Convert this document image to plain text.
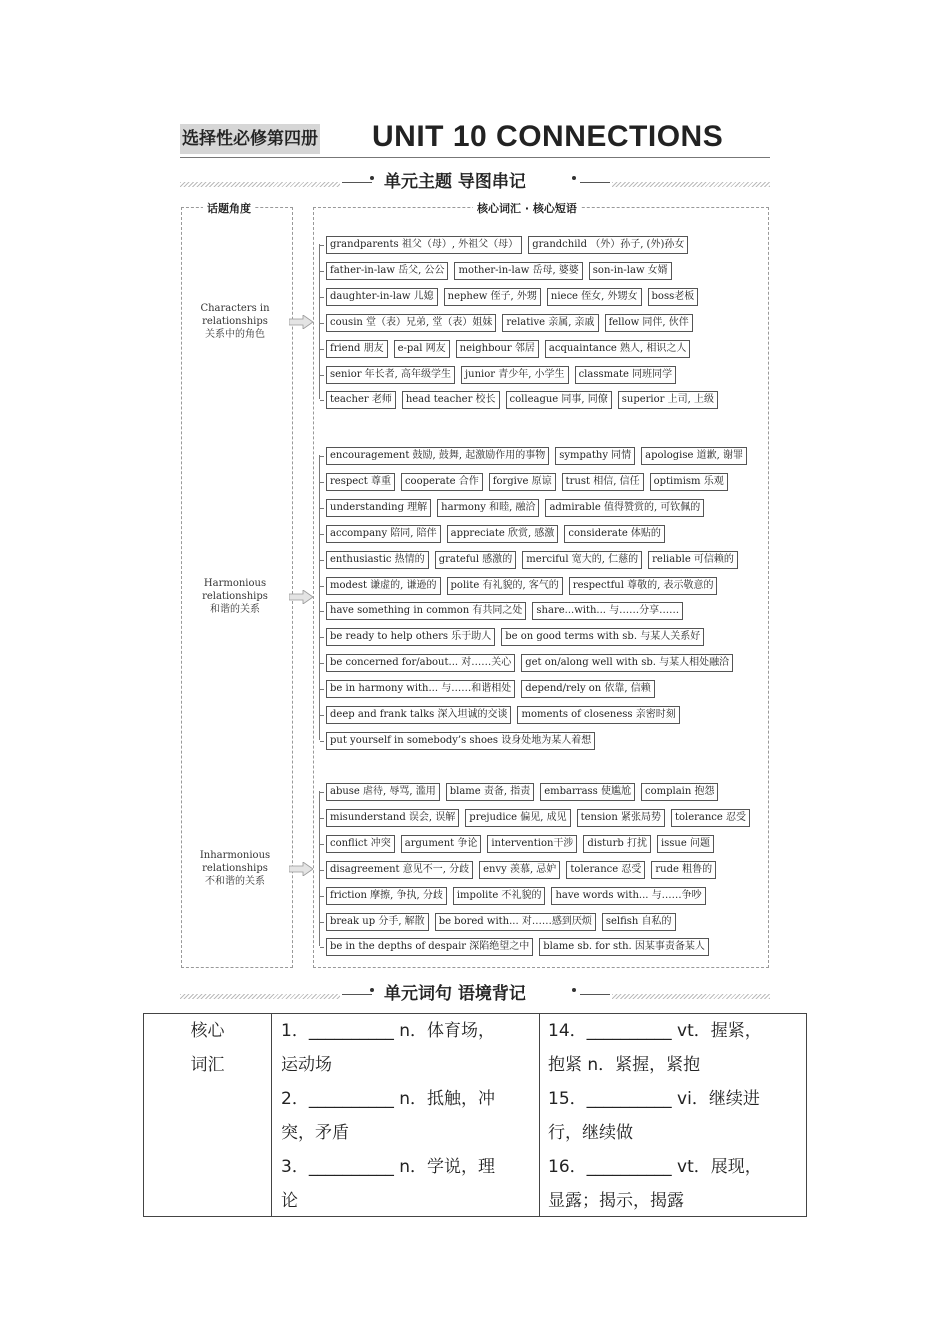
选择性必修第四册 UNIT 10 CONNECTIONS
单元主题 导图串记
话题角度	核心词汇 · 核心短语
Characters in relationships
关系中的角色
grandparents 祖父（母）, 外祖父（母）	grandchild （外）孙子, (外)孙女
father-in-law 岳父, 公公	mother-in-law 岳母, 婆婆	son-in-law 女婿
daughter-in-law 儿媳	nephew 侄子, 外甥	niece 侄女, 外甥女	boss老板
cousin 堂（表）兄弟, 堂（表）姐妹	relative 亲属, 亲戚	fellow 同伴, 伙伴
friend 朋友	e-pal 网友	neighbour 邻居	acquaintance 熟人, 相识之人
senior 年长者, 高年级学生	junior 青少年, 小学生	classmate 同班同学
teacher 老师	head teacher 校长	colleague 同事, 同僚	superior 上司, 上级
Harmonious relationships
和谐的关系
encouragement 鼓励, 鼓舞, 起激励作用的事物	sympathy 同情	apologise 道歉, 谢罪
respect 尊重	cooperate 合作	forgive 原谅	trust 相信, 信任	optimism 乐观
understanding 理解	harmony 和睦, 融洽	admirable 值得赞赏的, 可钦佩的
accompany 陪同, 陪伴	appreciate 欣赏, 感激	considerate 体贴的
enthusiastic 热情的	grateful 感激的	merciful 宽大的, 仁慈的	reliable 可信赖的
modest 谦虚的, 谦逊的	polite 有礼貌的, 客气的	respectful 尊敬的, 表示敬意的
have something in common 有共同之处	share...with... 与……分享……
be ready to help others 乐于助人	be on good terms with sb. 与某人关系好
be concerned for/about... 对……关心	get on/along well with sb. 与某人相处融洽
be in harmony with... 与……和谐相处	depend/rely on 依靠, 信赖
deep and frank talks 深入坦诚的交谈	moments of closeness 亲密时刻
put yourself in somebody’s shoes 设身处地为某人着想
Inharmonious relationships
不和谐的关系
abuse 虐待, 辱骂, 滥用	blame 责备, 指责	embarrass 使尴尬	complain 抱怨
misunderstand 误会, 误解	prejudice 偏见, 成见	tension 紧张局势	tolerance 忍受
conflict 冲突	argument 争论	intervention干涉	disturb 打扰	issue 问题
disagreement 意见不一, 分歧	envy 羡慕, 忌妒	tolerance 忍受	rude 粗鲁的
friction 摩擦, 争执, 分歧	impolite 不礼貌的	have words with... 与……争吵
break up 分手, 解散	be bored with... 对……感到厌烦	selfish 自私的
be in the depths of despair 深陷绝望之中	blame sb. for sth. 因某事责备某人
单元词句 语境背记
核心
词汇
1．__________ n．体育场，
运动场
2．__________ n．抵触，冲
突，矛盾
3．__________ n．学说，理
论
14．__________ vt．握紧，
抱紧 n．紧握，紧抱
15．__________ vi．继续进
行，继续做
16．__________ vt．展现，
显露；揭示，揭露
